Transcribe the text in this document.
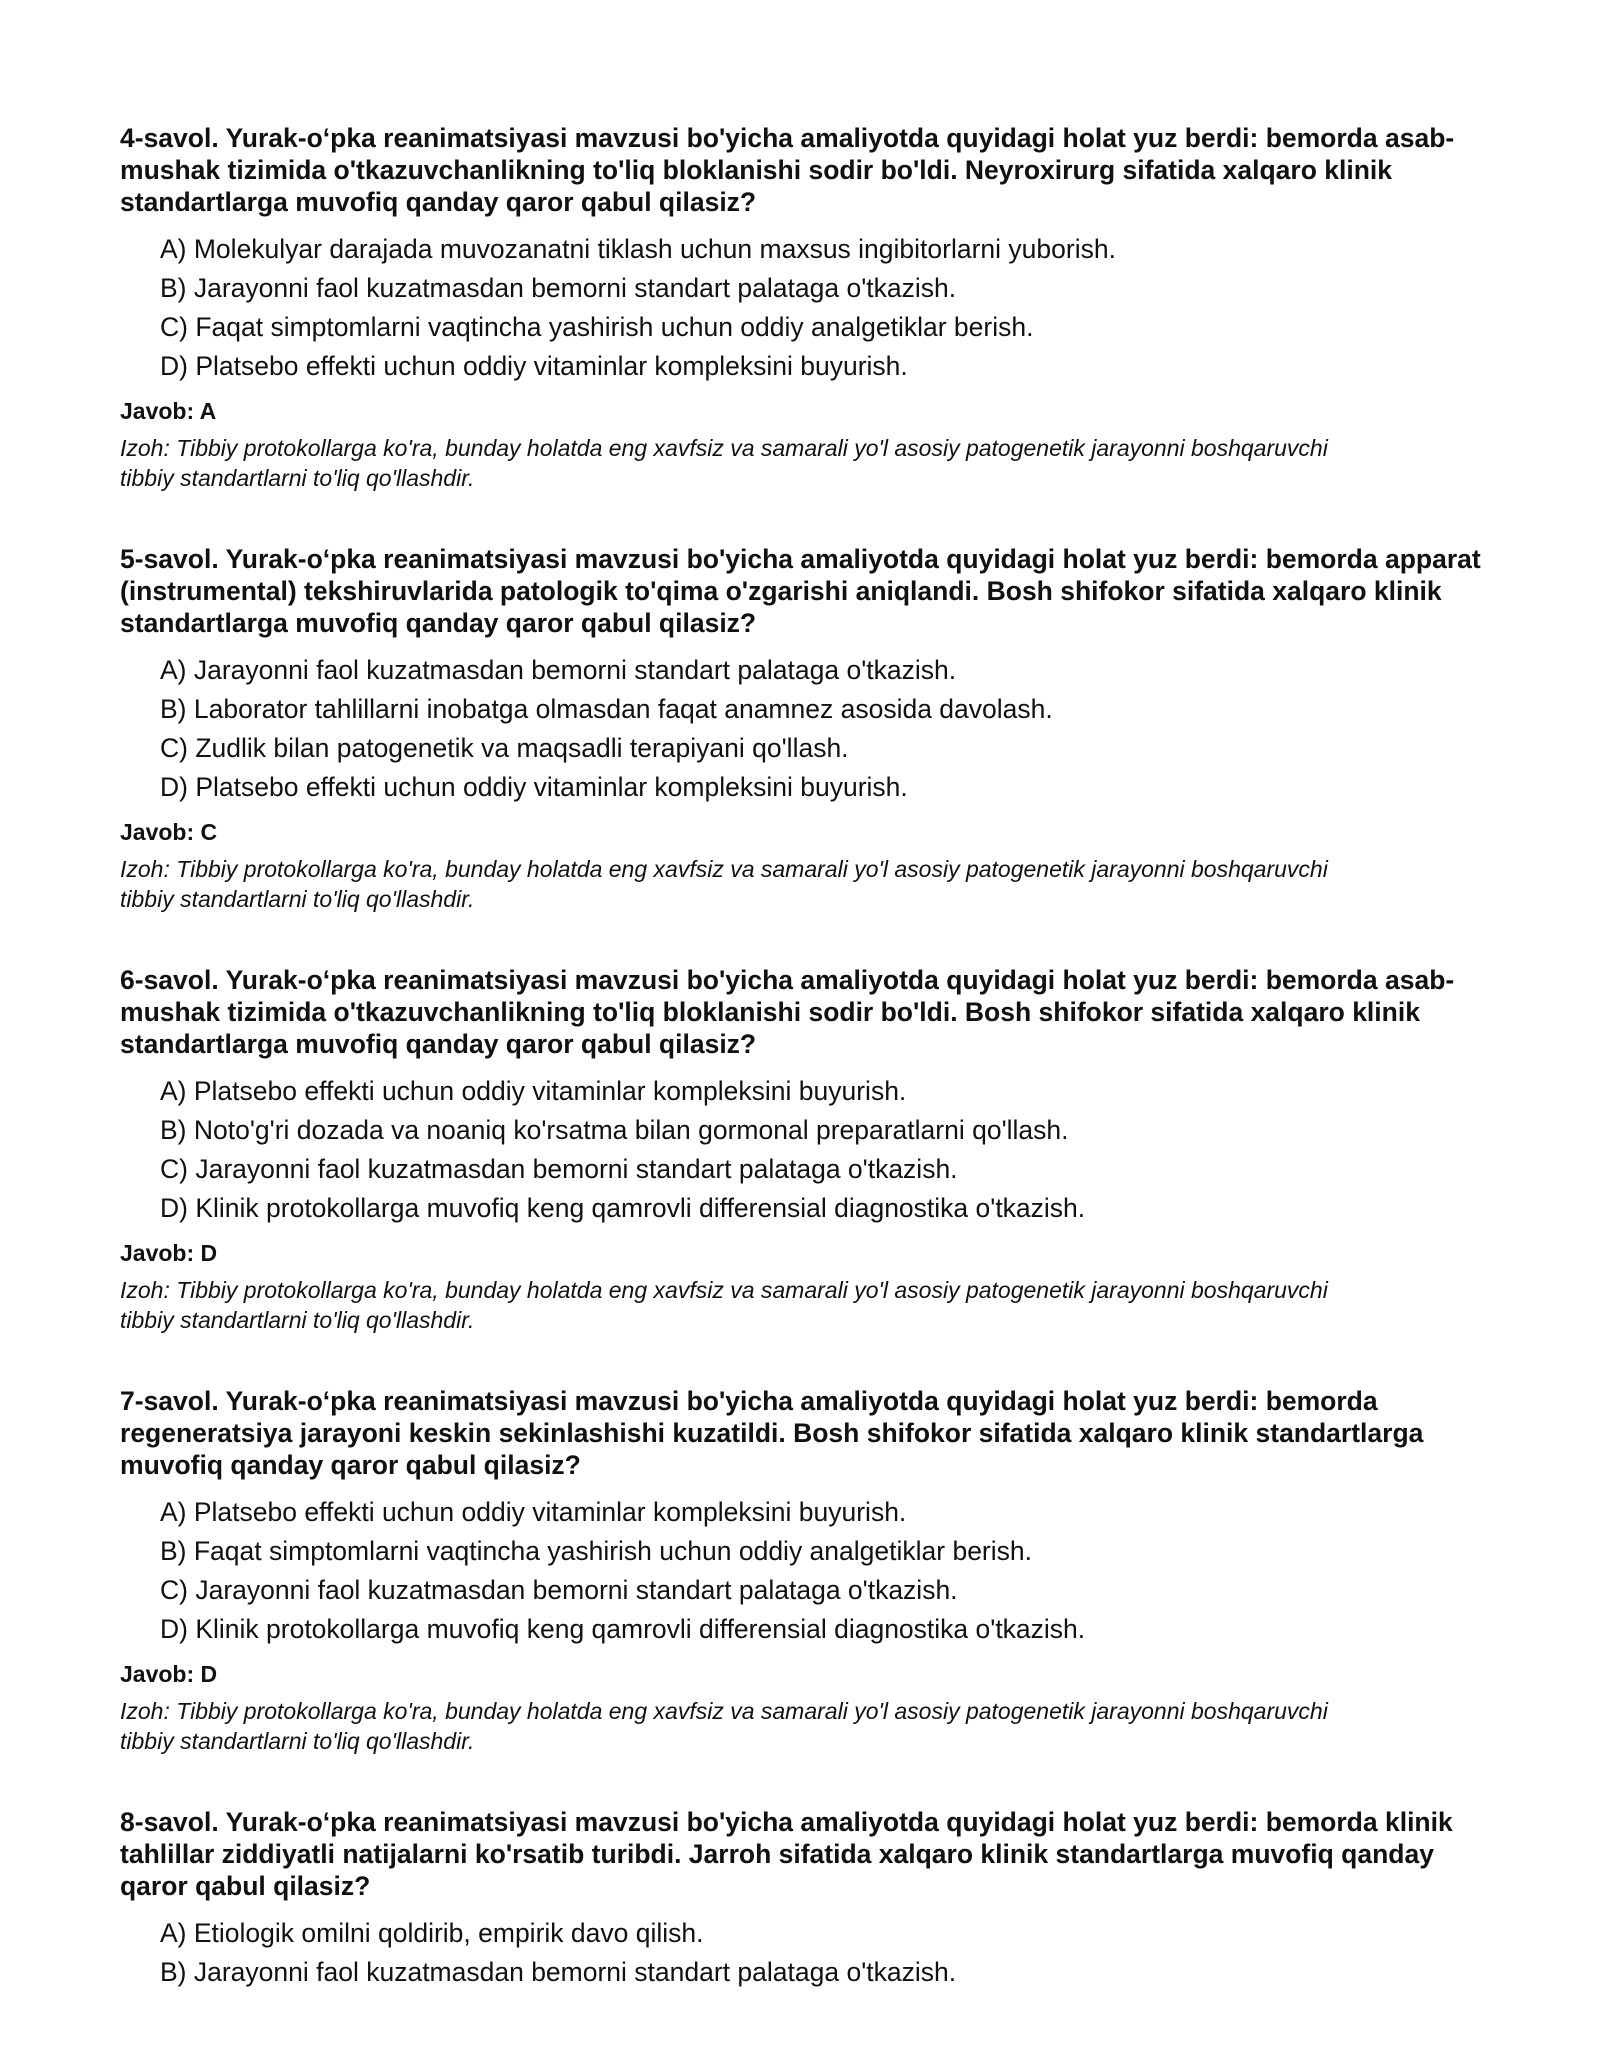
4-savol. Yurak-o‘pka reanimatsiyasi mavzusi bo'yicha amaliyotda quyidagi holat yuz berdi: bemorda asab-mushak tizimida o'tkazuvchanlikning to'liq bloklanishi sodir bo'ldi. Neyroxirurg sifatida xalqaro klinik standartlarga muvofiq qanday qaror qabul qilasiz?

A) Molekulyar darajada muvozanatni tiklash uchun maxsus ingibitorlarni yuborish.
B) Jarayonni faol kuzatmasdan bemorni standart palataga o'tkazish.
C) Faqat simptomlarni vaqtincha yashirish uchun oddiy analgetiklar berish.
D) Platsebo effekti uchun oddiy vitaminlar kompleksini buyurish.

Javob: A

Izoh: Tibbiy protokollarga ko'ra, bunday holatda eng xavfsiz va samarali yo'l asosiy patogenetik jarayonni boshqaruvchi tibbiy standartlarni to'liq qo'llashdir.

5-savol. Yurak-o‘pka reanimatsiyasi mavzusi bo'yicha amaliyotda quyidagi holat yuz berdi: bemorda apparat (instrumental) tekshiruvlarida patologik to'qima o'zgarishi aniqlandi. Bosh shifokor sifatida xalqaro klinik standartlarga muvofiq qanday qaror qabul qilasiz?

A) Jarayonni faol kuzatmasdan bemorni standart palataga o'tkazish.
B) Laborator tahlillarni inobatga olmasdan faqat anamnez asosida davolash.
C) Zudlik bilan patogenetik va maqsadli terapiyani qo'llash.
D) Platsebo effekti uchun oddiy vitaminlar kompleksini buyurish.

Javob: C

Izoh: Tibbiy protokollarga ko'ra, bunday holatda eng xavfsiz va samarali yo'l asosiy patogenetik jarayonni boshqaruvchi tibbiy standartlarni to'liq qo'llashdir.

6-savol. Yurak-o‘pka reanimatsiyasi mavzusi bo'yicha amaliyotda quyidagi holat yuz berdi: bemorda asab-mushak tizimida o'tkazuvchanlikning to'liq bloklanishi sodir bo'ldi. Bosh shifokor sifatida xalqaro klinik standartlarga muvofiq qanday qaror qabul qilasiz?

A) Platsebo effekti uchun oddiy vitaminlar kompleksini buyurish.
B) Noto'g'ri dozada va noaniq ko'rsatma bilan gormonal preparatlarni qo'llash.
C) Jarayonni faol kuzatmasdan bemorni standart palataga o'tkazish.
D) Klinik protokollarga muvofiq keng qamrovli differensial diagnostika o'tkazish.

Javob: D

Izoh: Tibbiy protokollarga ko'ra, bunday holatda eng xavfsiz va samarali yo'l asosiy patogenetik jarayonni boshqaruvchi tibbiy standartlarni to'liq qo'llashdir.

7-savol. Yurak-o‘pka reanimatsiyasi mavzusi bo'yicha amaliyotda quyidagi holat yuz berdi: bemorda regeneratsiya jarayoni keskin sekinlashishi kuzatildi. Bosh shifokor sifatida xalqaro klinik standartlarga muvofiq qanday qaror qabul qilasiz?

A) Platsebo effekti uchun oddiy vitaminlar kompleksini buyurish.
B) Faqat simptomlarni vaqtincha yashirish uchun oddiy analgetiklar berish.
C) Jarayonni faol kuzatmasdan bemorni standart palataga o'tkazish.
D) Klinik protokollarga muvofiq keng qamrovli differensial diagnostika o'tkazish.

Javob: D

Izoh: Tibbiy protokollarga ko'ra, bunday holatda eng xavfsiz va samarali yo'l asosiy patogenetik jarayonni boshqaruvchi tibbiy standartlarni to'liq qo'llashdir.

8-savol. Yurak-o‘pka reanimatsiyasi mavzusi bo'yicha amaliyotda quyidagi holat yuz berdi: bemorda klinik tahlillar ziddiyatli natijalarni ko'rsatib turibdi. Jarroh sifatida xalqaro klinik standartlarga muvofiq qanday qaror qabul qilasiz?

A) Etiologik omilni qoldirib, empirik davo qilish.
B) Jarayonni faol kuzatmasdan bemorni standart palataga o'tkazish.
